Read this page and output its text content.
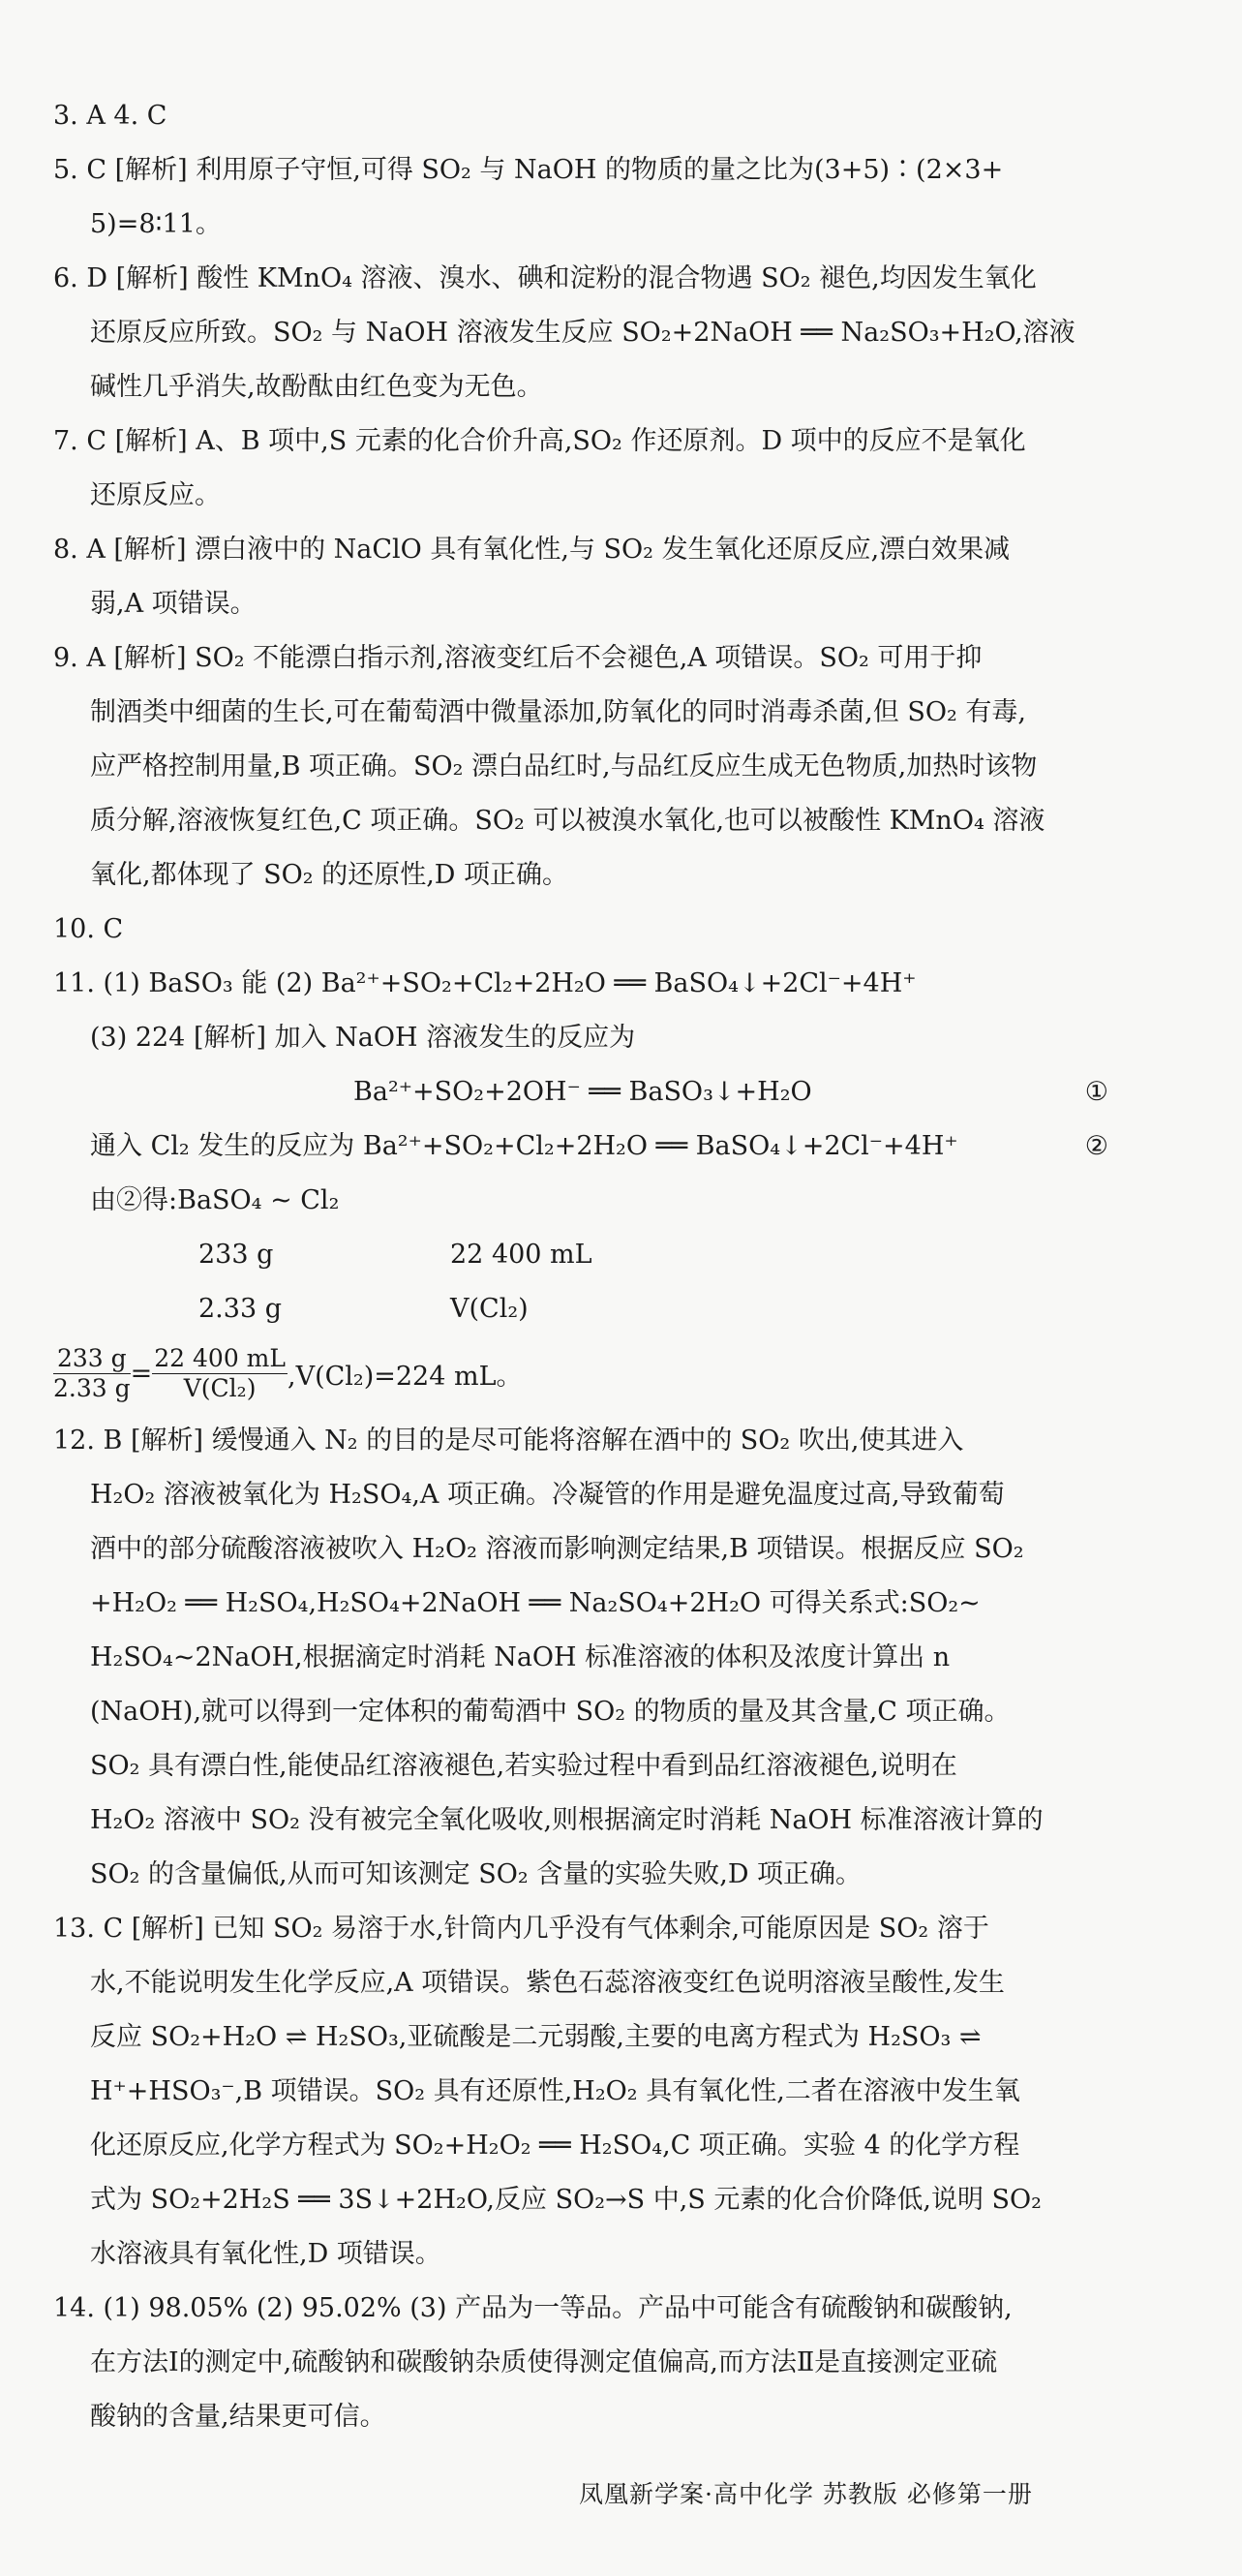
3. A 4. C
5. C [解析] 利用原子守恒,可得 SO₂ 与 NaOH 的物质的量之比为(3+5)∶(2×3+
5)=8∶11。
6. D [解析] 酸性 KMnO₄ 溶液、溴水、碘和淀粉的混合物遇 SO₂ 褪色,均因发生氧化
还原反应所致。SO₂ 与 NaOH 溶液发生反应 SO₂+2NaOH ══ Na₂SO₃+H₂O,溶液
碱性几乎消失,故酚酞由红色变为无色。
7. C [解析] A、B 项中,S 元素的化合价升高,SO₂ 作还原剂。D 项中的反应不是氧化
还原反应。
8. A [解析] 漂白液中的 NaClO 具有氧化性,与 SO₂ 发生氧化还原反应,漂白效果减
弱,A 项错误。
9. A [解析] SO₂ 不能漂白指示剂,溶液变红后不会褪色,A 项错误。SO₂ 可用于抑
制酒类中细菌的生长,可在葡萄酒中微量添加,防氧化的同时消毒杀菌,但 SO₂ 有毒,
应严格控制用量,B 项正确。SO₂ 漂白品红时,与品红反应生成无色物质,加热时该物
质分解,溶液恢复红色,C 项正确。SO₂ 可以被溴水氧化,也可以被酸性 KMnO₄ 溶液
氧化,都体现了 SO₂ 的还原性,D 项正确。
10. C
11. (1) BaSO₃ 能 (2) Ba²⁺+SO₂+Cl₂+2H₂O ══ BaSO₄↓+2Cl⁻+4H⁺
(3) 224 [解析] 加入 NaOH 溶液发生的反应为
Ba²⁺+SO₂+2OH⁻ ══ BaSO₃↓+H₂O	①
通入 Cl₂ 发生的反应为 Ba²⁺+SO₂+Cl₂+2H₂O ══ BaSO₄↓+2Cl⁻+4H⁺	②
由②得:BaSO₄ ~ Cl₂
233 g	22 400 mL
2.33 g	V(Cl₂)
$\frac{233 g}{2.33 g} = \frac{22 400 mL}{\text{V(Cl₂)}} ,V(Cl_2)=224$ mL。
12. B [解析] 缓慢通入 N₂ 的目的是尽可能将溶解在酒中的 SO₂ 吹出,使其进入
H₂O₂ 溶液被氧化为 H₂SO₄,A 项正确。冷凝管的作用是避免温度过高,导致葡萄
酒中的部分硫酸溶液被吹入 H₂O₂ 溶液而影响测定结果,B 项错误。根据反应 SO₂
+H₂O₂ ══ H₂SO₄,H₂SO₄+2NaOH ══ Na₂SO₄+2H₂O 可得关系式:SO₂~
H₂SO₄~2NaOH,根据滴定时消耗 NaOH 标准溶液的体积及浓度计算出 n
(NaOH),就可以得到一定体积的葡萄酒中 SO₂ 的物质的量及其含量,C 项正确。
SO₂ 具有漂白性,能使品红溶液褪色,若实验过程中看到品红溶液褪色,说明在
H₂O₂ 溶液中 SO₂ 没有被完全氧化吸收,则根据滴定时消耗 NaOH 标准溶液计算的
SO₂ 的含量偏低,从而可知该测定 SO₂ 含量的实验失败,D 项正确。
13. C [解析] 已知 SO₂ 易溶于水,针筒内几乎没有气体剩余,可能原因是 SO₂ 溶于
水,不能说明发生化学反应,A 项错误。紫色石蕊溶液变红色说明溶液呈酸性,发生
反应 SO₂+H₂O ⇌ H₂SO₃,亚硫酸是二元弱酸,主要的电离方程式为 H₂SO₃ ⇌
H⁺+HSO₃⁻,B 项错误。SO₂ 具有还原性,H₂O₂ 具有氧化性,二者在溶液中发生氧
化还原反应,化学方程式为 SO₂+H₂O₂ ══ H₂SO₄,C 项正确。实验 4 的化学方程
式为 SO₂+2H₂S ══ 3S↓+2H₂O,反应 SO₂→S 中,S 元素的化合价降低,说明 SO₂
水溶液具有氧化性,D 项错误。
14. (1) 98.05% (2) 95.02% (3) 产品为一等品。产品中可能含有硫酸钠和碳酸钠,
在方法Ⅰ的测定中,硫酸钠和碳酸钠杂质使得测定值偏高,而方法Ⅱ是直接测定亚硫
酸钠的含量,结果更可信。
凤凰新学案·高中化学 苏教版 必修第一册
